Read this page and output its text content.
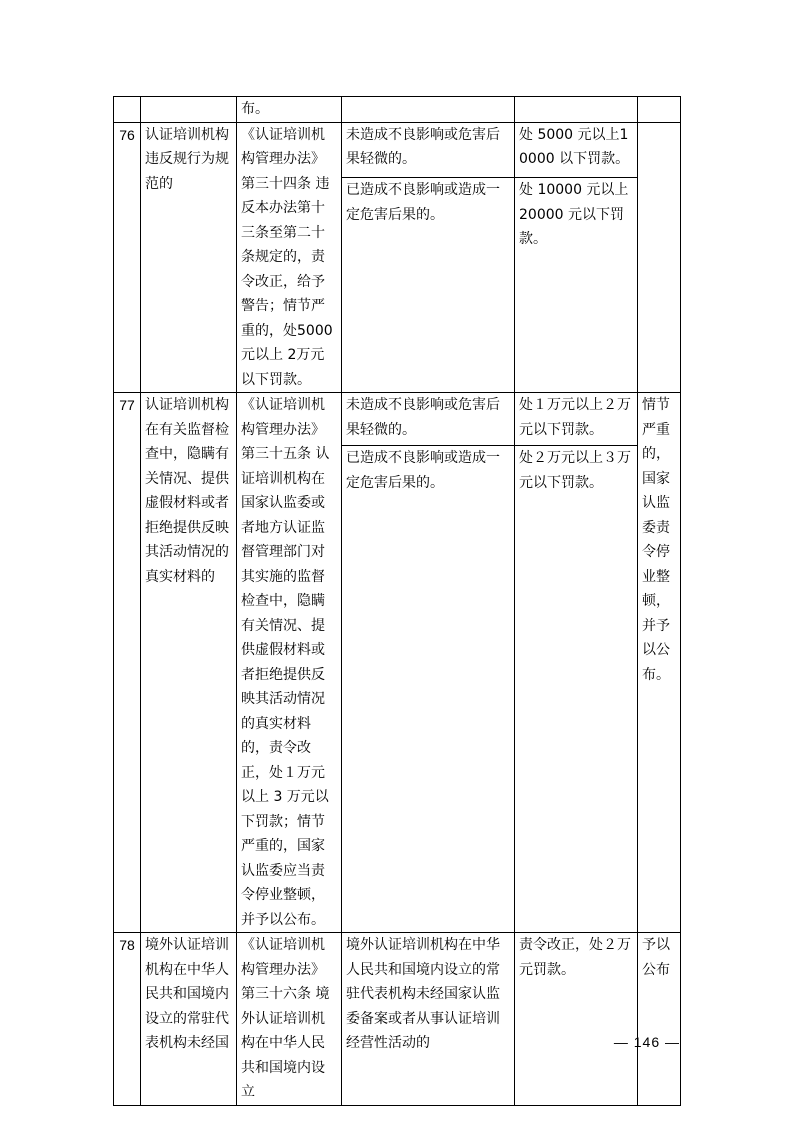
		布。			
76	认证培训机构违反规行为规范的	《认证培训机构管理办法》第三十四条 违反本办法第十三条至第二十条规定的，责令改正，给予警告；情节严重的，处5000 元以上 2万元以下罚款。	未造成不良影响或危害后果轻微的。	处 5000 元以上10000 以下罚款。	
			已造成不良影响或造成一定危害后果的。	处 10000 元以上20000 元以下罚款。	
77	认证培训机构在有关监督检查中，隐瞒有关情况、提供虚假材料或者拒绝提供反映其活动情况的真实材料的	《认证培训机构管理办法》第三十五条 认证培训机构在国家认监委或者地方认证监督管理部门对其实施的监督检查中，隐瞒有关情况、提供虚假材料或者拒绝提供反映其活动情况的真实材料的，责令改正，处１万元以上 3 万元以下罚款；情节严重的，国家认监委应当责令停业整顿，并予以公布。	未造成不良影响或危害后果轻微的。	处１万元以上２万元以下罚款。	情节严重的，国家认监委责令停业整顿，并予以公布。
			已造成不良影响或造成一定危害后果的。	处２万元以上３万元以下罚款。	
78	境外认证培训机构在中华人民共和国境内设立的常驻代表机构未经国	《认证培训机构管理办法》第三十六条 境外认证培训机构在中华人民共和国境内设立	境外认证培训机构在中华人民共和国境内设立的常驻代表机构未经国家认监委备案或者从事认证培训经营性活动的	责令改正，处２万元罚款。	予以公布
— 146 —
